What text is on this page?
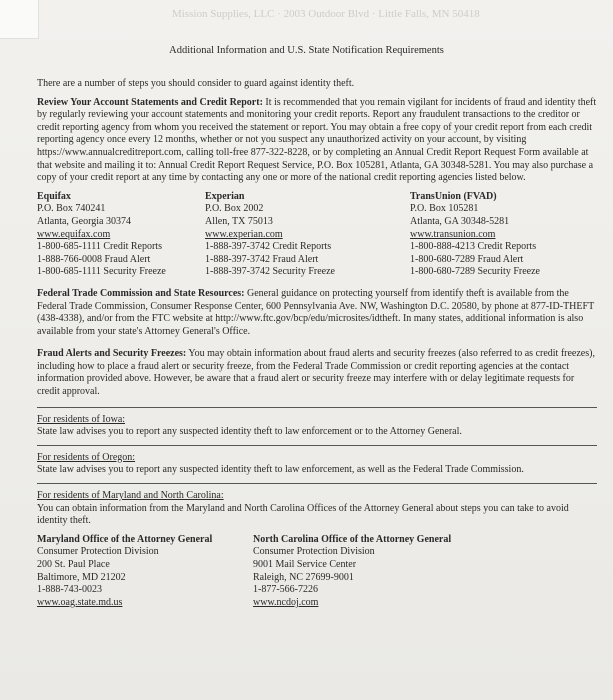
Mission Supplies, LLC · 2003 Outdoor Blvd · Little Falls, MN 50418
Additional Information and U.S. State Notification Requirements

There are a number of steps you should consider to guard against identity theft.

Review Your Account Statements and Credit Report: It is recommended that you remain vigilant for incidents of fraud and identity theft by regularly reviewing your account statements and monitoring your credit reports. Report any fraudulent transactions to the creditor or credit reporting agency from whom you received the statement or report. You may obtain a free copy of your credit report from each credit reporting agency once every 12 months, whether or not you suspect any unauthorized activity on your account, by visiting https://www.annualcreditreport.com, calling toll-free 877-322-8228, or by completing an Annual Credit Report Request Form available at that website and mailing it to: Annual Credit Report Request Service, P.O. Box 105281, Atlanta, GA 30348-5281. You may also purchase a copy of your credit report at any time by contacting any one or more of the national credit reporting agencies listed below.

Equifax
P.O. Box 740241
Atlanta, Georgia 30374
www.equifax.com
1-800-685-1111 Credit Reports
1-888-766-0008 Fraud Alert
1-800-685-1111 Security Freeze
Experian
P.O. Box 2002
Allen, TX 75013
www.experian.com
1-888-397-3742 Credit Reports
1-888-397-3742 Fraud Alert
1-888-397-3742 Security Freeze
TransUnion (FVAD)
P.O. Box 105281
Atlanta, GA 30348-5281
www.transunion.com
1-800-888-4213 Credit Reports
1-800-680-7289 Fraud Alert
1-800-680-7289 Security Freeze

Federal Trade Commission and State Resources: General guidance on protecting yourself from identify theft is available from the Federal Trade Commission, Consumer Response Center, 600 Pennsylvania Ave. NW, Washington D.C. 20580, by phone at 877-ID-THEFT (438-4338), and/or from the FTC website at http://www.ftc.gov/bcp/edu/microsites/idtheft. In many states, additional information is also available from your state's Attorney General's Office.

Fraud Alerts and Security Freezes: You may obtain information about fraud alerts and security freezes (also referred to as credit freezes), including how to place a fraud alert or security freeze, from the Federal Trade Commission or credit reporting agencies at the contact information provided above. However, be aware that a fraud alert or security freeze may interfere with or delay legitimate requests for credit approval.

For residents of Iowa:

State law advises you to report any suspected identity theft to law enforcement or to the Attorney General.

For residents of Oregon:

State law advises you to report any suspected identity theft to law enforcement, as well as the Federal Trade Commission.

For residents of Maryland and North Carolina:

You can obtain information from the Maryland and North Carolina Offices of the Attorney General about steps you can take to avoid identity theft.

Maryland Office of the Attorney General
Consumer Protection Division
200 St. Paul Place
Baltimore, MD 21202
1-888-743-0023
www.oag.state.md.us
North Carolina Office of the Attorney General
Consumer Protection Division
9001 Mail Service Center
Raleigh, NC 27699-9001
1-877-566-7226
www.ncdoj.com
